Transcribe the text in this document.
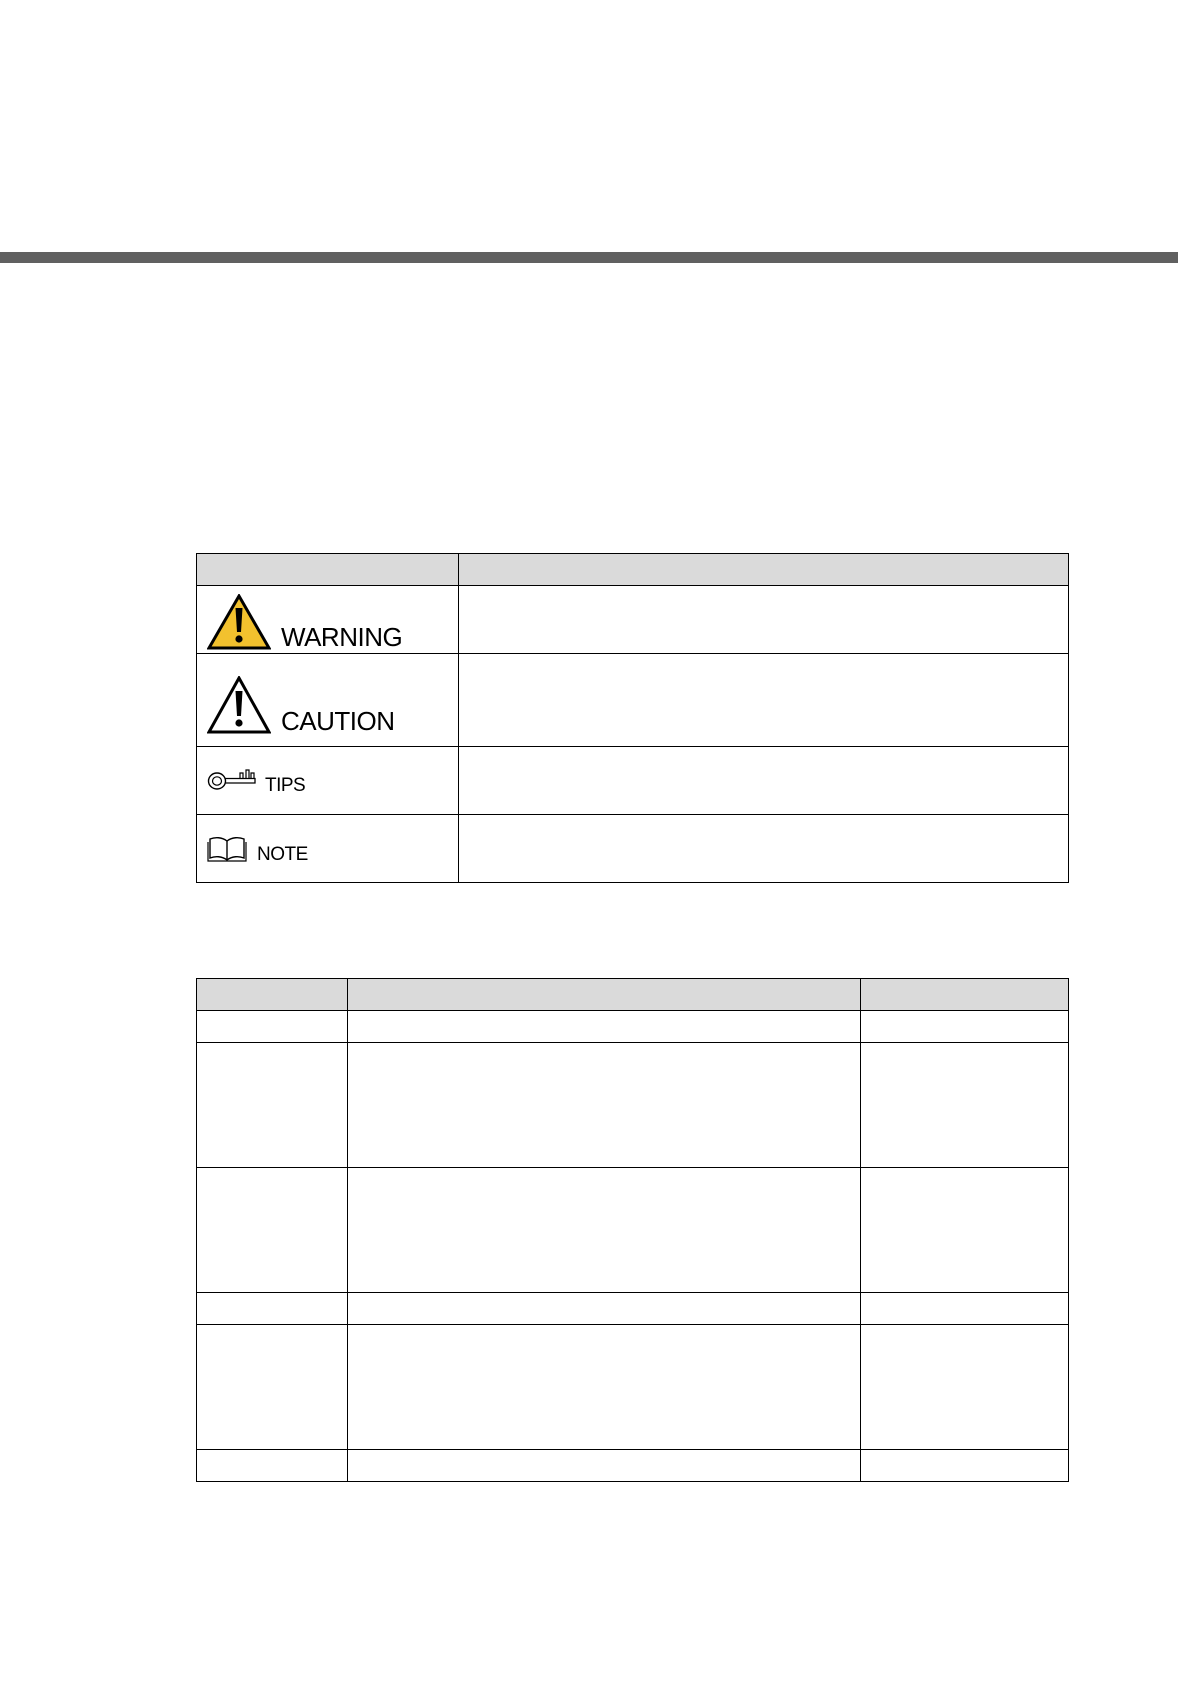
WARNING	

CAUTION	

TIPS	

NOTE	
